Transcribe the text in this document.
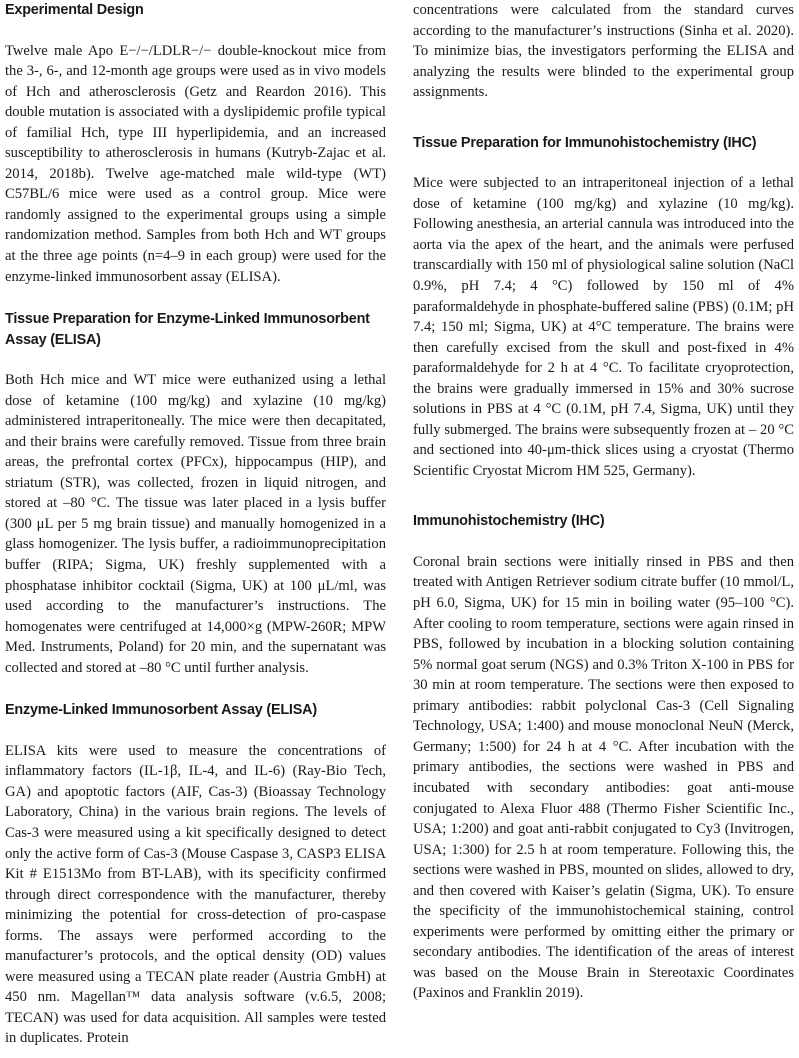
Experimental Design

Twelve male Apo E−/−/LDLR−/− double-knockout mice from the 3-, 6-, and 12-month age groups were used as in vivo models of Hch and atherosclerosis (Getz and Reardon 2016). This double mutation is associated with a dyslipidemic profile typical of familial Hch, type III hyperlipidemia, and an increased susceptibility to atherosclerosis in humans (Kutryb-Zajac et al. 2014, 2018b). Twelve age-matched male wild-type (WT) C57BL/6 mice were used as a control group. Mice were randomly assigned to the experimental groups using a simple randomization method. Samples from both Hch and WT groups at the three age points (n=4–9 in each group) were used for the enzyme-linked immunosorbent assay (ELISA).

Tissue Preparation for Enzyme-Linked Immunosorbent Assay (ELISA)

Both Hch mice and WT mice were euthanized using a lethal dose of ketamine (100 mg/kg) and xylazine (10 mg/kg) administered intraperitoneally. The mice were then decapitated, and their brains were carefully removed. Tissue from three brain areas, the prefrontal cortex (PFCx), hippocampus (HIP), and striatum (STR), was collected, frozen in liquid nitrogen, and stored at –80 °C. The tissue was later placed in a lysis buffer (300 μL per 5 mg brain tissue) and manually homogenized in a glass homogenizer. The lysis buffer, a radioimmunoprecipitation buffer (RIPA; Sigma, UK) freshly supplemented with a phosphatase inhibitor cocktail (Sigma, UK) at 100 μL/ml, was used according to the manufacturer’s instructions. The homogenates were centrifuged at 14,000×g (MPW-260R; MPW Med. Instruments, Poland) for 20 min, and the supernatant was collected and stored at –80 °C until further analysis.

Enzyme-Linked Immunosorbent Assay (ELISA)

ELISA kits were used to measure the concentrations of inflammatory factors (IL-1β, IL-4, and IL-6) (Ray-Bio Tech, GA) and apoptotic factors (AIF, Cas-3) (Bioassay Technology Laboratory, China) in the various brain regions. The levels of Cas-3 were measured using a kit specifically designed to detect only the active form of Cas-3 (Mouse Caspase 3, CASP3 ELISA Kit # E1513Mo from BT-LAB), with its specificity confirmed through direct correspondence with the manufacturer, thereby minimizing the potential for cross-detection of pro-caspase forms. The assays were performed according to the manufacturer’s protocols, and the optical density (OD) values were measured using a TECAN plate reader (Austria GmbH) at 450 nm. Magellan™ data analysis software (v.6.5, 2008; TECAN) was used for data acquisition. All samples were tested in duplicates. Protein

concentrations were calculated from the standard curves according to the manufacturer’s instructions (Sinha et al. 2020). To minimize bias, the investigators performing the ELISA and analyzing the results were blinded to the experimental group assignments.

Tissue Preparation for Immunohistochemistry (IHC)

Mice were subjected to an intraperitoneal injection of a lethal dose of ketamine (100 mg/kg) and xylazine (10 mg/kg). Following anesthesia, an arterial cannula was introduced into the aorta via the apex of the heart, and the animals were perfused transcardially with 150 ml of physiological saline solution (NaCl 0.9%, pH 7.4; 4 °C) followed by 150 ml of 4% paraformaldehyde in phosphate-buffered saline (PBS) (0.1M; pH 7.4; 150 ml; Sigma, UK) at 4°C temperature. The brains were then carefully excised from the skull and post-fixed in 4% paraformaldehyde for 2 h at 4 °C. To facilitate cryoprotection, the brains were gradually immersed in 15% and 30% sucrose solutions in PBS at 4 °C (0.1M, pH 7.4, Sigma, UK) until they fully submerged. The brains were subsequently frozen at – 20 °C and sectioned into 40-μm-thick slices using a cryostat (Thermo Scientific Cryostat Microm HM 525, Germany).

Immunohistochemistry (IHC)

Coronal brain sections were initially rinsed in PBS and then treated with Antigen Retriever sodium citrate buffer (10 mmol/L, pH 6.0, Sigma, UK) for 15 min in boiling water (95–100 °C). After cooling to room temperature, sections were again rinsed in PBS, followed by incubation in a blocking solution containing 5% normal goat serum (NGS) and 0.3% Triton X-100 in PBS for 30 min at room temperature. The sections were then exposed to primary antibodies: rabbit polyclonal Cas-3 (Cell Signaling Technology, USA; 1:400) and mouse monoclonal NeuN (Merck, Germany; 1:500) for 24 h at 4 °C. After incubation with the primary antibodies, the sections were washed in PBS and incubated with secondary antibodies: goat anti-mouse conjugated to Alexa Fluor 488 (Thermo Fisher Scientific Inc., USA; 1:200) and goat anti-rabbit conjugated to Cy3 (Invitrogen, USA; 1:300) for 2.5 h at room temperature. Following this, the sections were washed in PBS, mounted on slides, allowed to dry, and then covered with Kaiser’s gelatin (Sigma, UK). To ensure the specificity of the immunohistochemical staining, control experiments were performed by omitting either the primary or secondary antibodies. The identification of the areas of interest was based on the Mouse Brain in Stereotaxic Coordinates (Paxinos and Franklin 2019).
